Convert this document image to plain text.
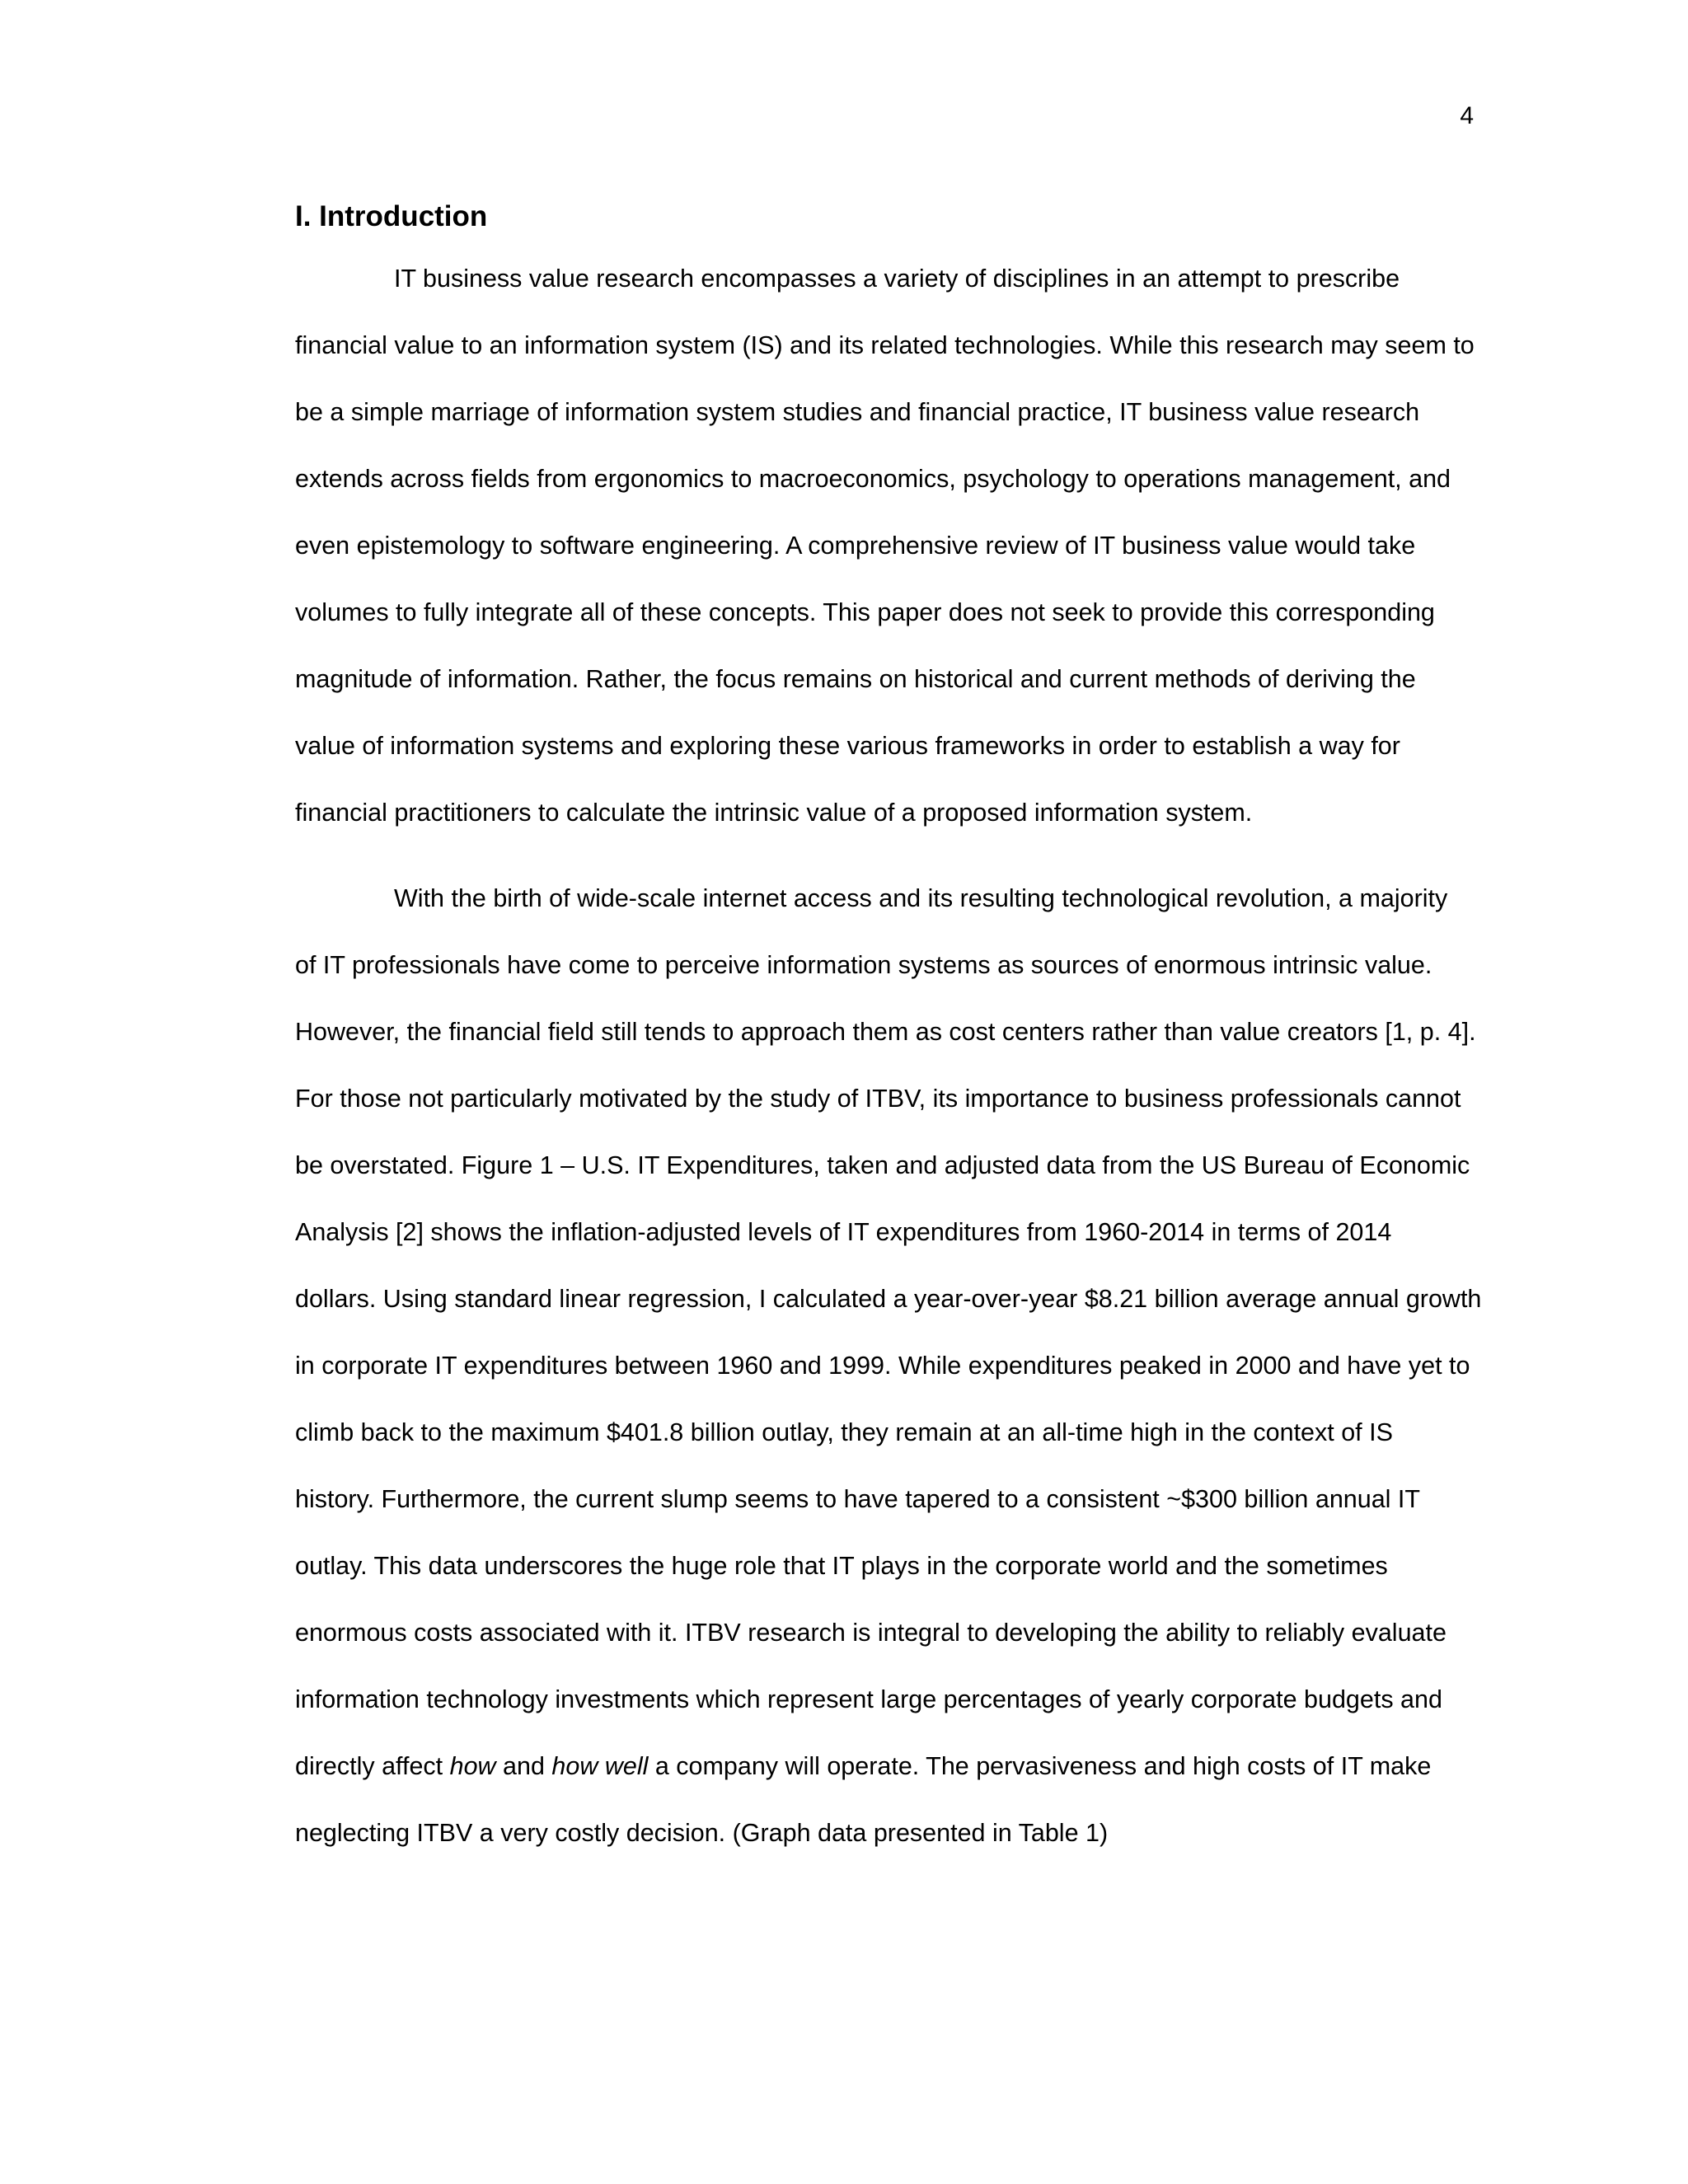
4
I. Introduction

IT business value research encompasses a variety of disciplines in an attempt to prescribe
financial value to an information system (IS) and its related technologies. While this research may seem to
be a simple marriage of information system studies and financial practice, IT business value research
extends across fields from ergonomics to macroeconomics, psychology to operations management, and
even epistemology to software engineering. A comprehensive review of IT business value would take
volumes to fully integrate all of these concepts. This paper does not seek to provide this corresponding
magnitude of information. Rather, the focus remains on historical and current methods of deriving the
value of information systems and exploring these various frameworks in order to establish a way for
financial practitioners to calculate the intrinsic value of a proposed information system.

With the birth of wide-scale internet access and its resulting technological revolution, a majority
of IT professionals have come to perceive information systems as sources of enormous intrinsic value.
However, the financial field still tends to approach them as cost centers rather than value creators [1, p. 4].
For those not particularly motivated by the study of ITBV, its importance to business professionals cannot
be overstated. Figure 1 – U.S. IT Expenditures, taken and adjusted data from the US Bureau of Economic
Analysis [2] shows the inflation-adjusted levels of IT expenditures from 1960-2014 in terms of 2014
dollars. Using standard linear regression, I calculated a year-over-year $8.21 billion average annual growth
in corporate IT expenditures between 1960 and 1999. While expenditures peaked in 2000 and have yet to
climb back to the maximum $401.8 billion outlay, they remain at an all-time high in the context of IS
history. Furthermore, the current slump seems to have tapered to a consistent ~$300 billion annual IT
outlay. This data underscores the huge role that IT plays in the corporate world and the sometimes
enormous costs associated with it. ITBV research is integral to developing the ability to reliably evaluate
information technology investments which represent large percentages of yearly corporate budgets and
directly affect how and how well a company will operate. The pervasiveness and high costs of IT make
neglecting ITBV a very costly decision. (Graph data presented in Table 1)
